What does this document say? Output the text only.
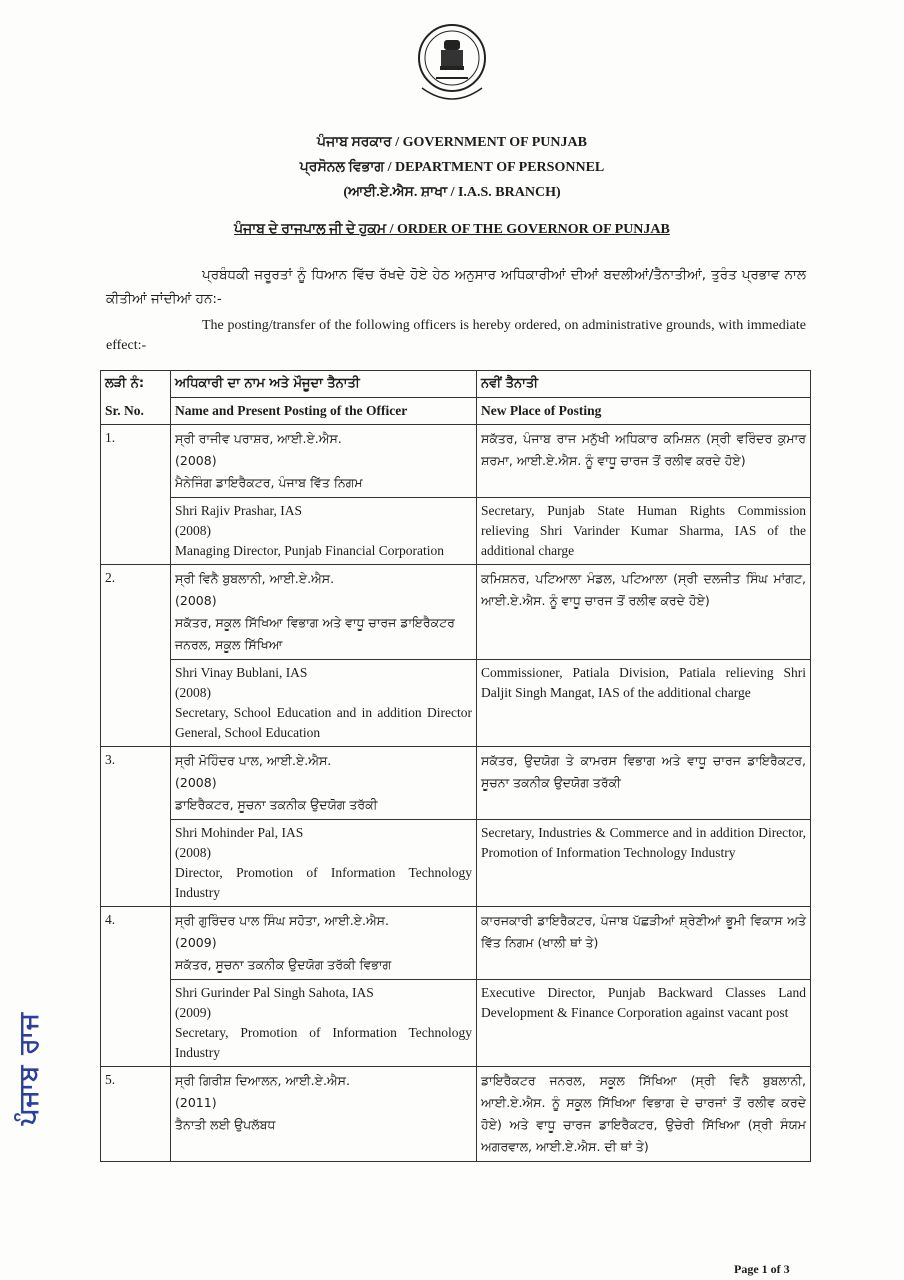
ਪੰਜਾਬ ਸਰਕਾਰ / GOVERNMENT OF PUNJAB
ਪ੍ਰਸੋਨਲ ਵਿਭਾਗ / DEPARTMENT OF PERSONNEL
(ਆਈ.ਏ.ਐਸ. ਸ਼ਾਖਾ / I.A.S. BRANCH)
ਪੰਜਾਬ ਦੇ ਰਾਜਪਾਲ ਜੀ ਦੇ ਹੁਕਮ / ORDER OF THE GOVERNOR OF PUNJAB
ਪ੍ਰਬੰਧਕੀ ਜਰੂਰਤਾਂ ਨੂੰ ਧਿਆਨ ਵਿੱਚ ਰੱਖਦੇ ਹੋਏ ਹੇਠ ਅਨੁਸਾਰ ਅਧਿਕਾਰੀਆਂ ਦੀਆਂ ਬਦਲੀਆਂ/ਤੈਨਾਤੀਆਂ, ਤੁਰੰਤ ਪ੍ਰਭਾਵ ਨਾਲ ਕੀਤੀਆਂ ਜਾਂਦੀਆਂ ਹਨ:-
The posting/transfer of the following officers is hereby ordered, on administrative grounds, with immediate effect:-
ਲੜੀ ਨੰ:	ਅਧਿਕਾਰੀ ਦਾ ਨਾਮ ਅਤੇ ਮੌਜੂਦਾ ਤੈਨਾਤੀ	ਨਵੀਂ ਤੈਨਾਤੀ
Sr. No.	Name and Present Posting of the Officer	New Place of Posting
1.	ਸ੍ਰੀ ਰਾਜੀਵ ਪਰਾਸ਼ਰ, ਆਈ.ਏ.ਐਸ.
(2008)
ਮੈਨੇਜਿੰਗ ਡਾਇਰੈਕਟਰ, ਪੰਜਾਬ ਵਿੱਤ ਨਿਗਮ	ਸਕੱਤਰ, ਪੰਜਾਬ ਰਾਜ ਮਨੁੱਖੀ ਅਧਿਕਾਰ ਕਮਿਸ਼ਨ (ਸ੍ਰੀ ਵਰਿੰਦਰ ਕੁਮਾਰ ਸ਼ਰਮਾ, ਆਈ.ਏ.ਐਸ. ਨੂੰ ਵਾਧੂ ਚਾਰਜ ਤੋਂ ਰਲੀਵ ਕਰਦੇ ਹੋਏ)

	Shri Rajiv Prashar, IAS
(2008)
Managing Director, Punjab Financial Corporation	Secretary, Punjab State Human Rights Commission relieving Shri Varinder Kumar Sharma, IAS of the additional charge
2.	ਸ੍ਰੀ ਵਿਨੈ ਬੁਬਲਾਨੀ, ਆਈ.ਏ.ਐਸ.
(2008)
ਸਕੱਤਰ, ਸਕੂਲ ਸਿੱਖਿਆ ਵਿਭਾਗ ਅਤੇ ਵਾਧੂ ਚਾਰਜ ਡਾਇਰੈਕਟਰ ਜਨਰਲ, ਸਕੂਲ ਸਿੱਖਿਆ	ਕਮਿਸ਼ਨਰ, ਪਟਿਆਲਾ ਮੰਡਲ, ਪਟਿਆਲਾ (ਸ੍ਰੀ ਦਲਜੀਤ ਸਿੰਘ ਮਾਂਗਟ, ਆਈ.ਏ.ਐਸ. ਨੂੰ ਵਾਧੂ ਚਾਰਜ ਤੋਂ ਰਲੀਵ ਕਰਦੇ ਹੋਏ)

	Shri Vinay Bublani, IAS
(2008)
Secretary, School Education and in addition Director General, School Education	Commissioner, Patiala Division, Patiala relieving Shri Daljit Singh Mangat, IAS of the additional charge
3.	ਸ੍ਰੀ ਮੋਹਿੰਦਰ ਪਾਲ, ਆਈ.ਏ.ਐਸ.
(2008)
ਡਾਇਰੈਕਟਰ, ਸੂਚਨਾ ਤਕਨੀਕ ਉਦਯੋਗ ਤਰੱਕੀ	ਸਕੱਤਰ, ਉਦਯੋਗ ਤੇ ਕਾਮਰਸ ਵਿਭਾਗ ਅਤੇ ਵਾਧੂ ਚਾਰਜ ਡਾਇਰੈਕਟਰ, ਸੂਚਨਾ ਤਕਨੀਕ ਉਦਯੋਗ ਤਰੱਕੀ

	Shri Mohinder Pal, IAS
(2008)
Director, Promotion of Information Technology Industry	Secretary, Industries & Commerce and in addition Director, Promotion of Information Technology Industry
4.	ਸ੍ਰੀ ਗੁਰਿੰਦਰ ਪਾਲ ਸਿੰਘ ਸਹੋਤਾ, ਆਈ.ਏ.ਐਸ.
(2009)
ਸਕੱਤਰ, ਸੂਚਨਾ ਤਕਨੀਕ ਉਦਯੋਗ ਤਰੱਕੀ ਵਿਭਾਗ	ਕਾਰਜਕਾਰੀ ਡਾਇਰੈਕਟਰ, ਪੰਜਾਬ ਪੱਛੜੀਆਂ ਸ਼੍ਰੇਣੀਆਂ ਭੂਮੀ ਵਿਕਾਸ ਅਤੇ ਵਿੱਤ ਨਿਗਮ (ਖਾਲੀ ਥਾਂ ਤੇ)

	Shri Gurinder Pal Singh Sahota, IAS
(2009)
Secretary, Promotion of Information Technology Industry	Executive Director, Punjab Backward Classes Land Development & Finance Corporation against vacant post
5.	ਸ੍ਰੀ ਗਿਰੀਸ਼ ਦਿਆਲਨ, ਆਈ.ਏ.ਐਸ.
(2011)
ਤੈਨਾਤੀ ਲਈ ਉਪਲੱਬਧ	ਡਾਇਰੈਕਟਰ ਜਨਰਲ, ਸਕੂਲ ਸਿੱਖਿਆ (ਸ੍ਰੀ ਵਿਨੈ ਬੁਬਲਾਨੀ, ਆਈ.ਏ.ਐਸ. ਨੂੰ ਸਕੂਲ ਸਿੱਖਿਆ ਵਿਭਾਗ ਦੇ ਚਾਰਜਾਂ ਤੋਂ ਰਲੀਵ ਕਰਦੇ ਹੋਏ) ਅਤੇ ਵਾਧੂ ਚਾਰਜ ਡਾਇਰੈਕਟਰ, ਉਚੇਰੀ ਸਿੱਖਿਆ (ਸ੍ਰੀ ਸੰਯਮ ਅਗਰਵਾਲ, ਆਈ.ਏ.ਐਸ. ਦੀ ਥਾਂ ਤੇ)
ਪੰਜਾਬ ਰਾਜ
Page 1 of 3
